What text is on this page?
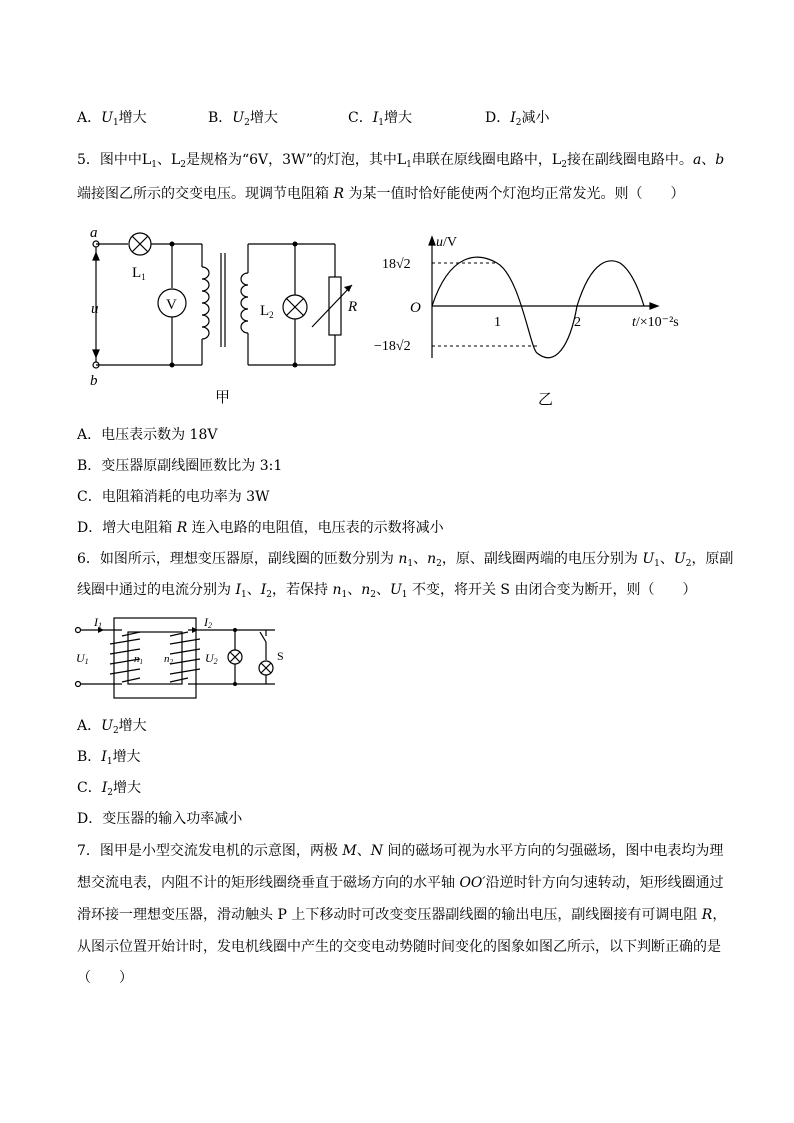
A．$U_1$增大	B．$U_2$增大	C．$I_1$增大	D．$I_2$减小
5．图中中$L_1$、$L_2$是规格为“6V，3W”的灯泡，其中$L_1$串联在原线圈电路中，$L_2$接在副线圈电路中。a、b
端接图乙所示的交变电压。现调节电阻箱 R 为某一值时恰好能使两个灯泡均正常发光。则（　　）
a
b
u
$L_1$
V	$L_2$	R
甲
u/V
18√2
−18√2
O
1	2	t/×10⁻²s
乙
A．电压表示数为 18V
B．变压器原副线圈匝数比为 3:1
C．电阻箱消耗的电功率为 3W
D．增大电阻箱 R 连入电路的电阻值，电压表的示数将减小
6．如图所示，理想变压器原，副线圈的匝数分别为 $n_1$、$n_2$，原、副线圈两端的电压分别为 $U_1$、$U_2$，原副
线圈中通过的电流分别为 $I_1$、$I_2$，若保持 $n_1$、$n_2$、$U_1$ 不变，将开关 S 由闭合变为断开，则（　　）
I1	I2
U1	n1 n2	U2	S
A．$U_2$增大
B．$I_1$增大
C．$I_2$增大
D．变压器的输入功率减小
7．图甲是小型交流发电机的示意图，两极 M、N 间的磁场可视为水平方向的匀强磁场，图中电表均为理
想交流电表，内阻不计的矩形线圈绕垂直于磁场方向的水平轴 OO′沿逆时针方向匀速转动，矩形线圈通过
滑环接一理想变压器，滑动触头 P 上下移动时可改变变压器副线圈的输出电压，副线圈接有可调电阻 R，
从图示位置开始计时，发电机线圈中产生的交变电动势随时间变化的图象如图乙所示，以下判断正确的是
（　　）
